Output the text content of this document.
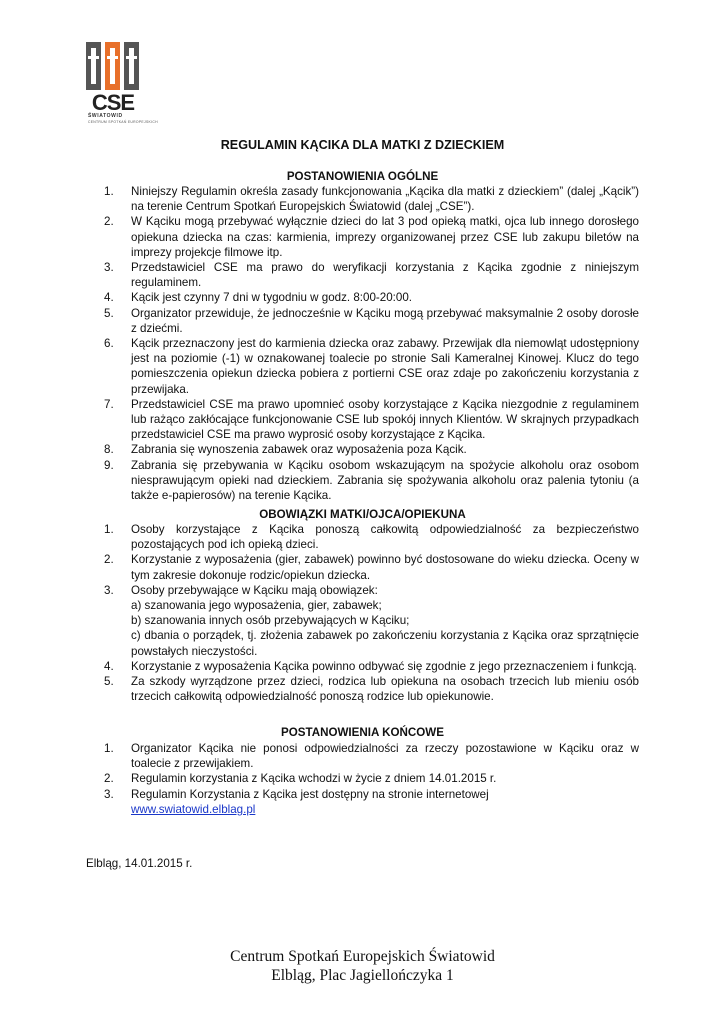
CSE
ŚWIATOWID
CENTRUM SPOTKAŃ EUROPEJSKICH
REGULAMIN KĄCIKA DLA MATKI Z DZIECKIEM
POSTANOWIENIA OGÓLNE
1. Niniejszy Regulamin określa zasady funkcjonowania „Kącika dla matki z dzieckiem” (dalej „Kącik”) na terenie Centrum Spotkań Europejskich Światowid (dalej „CSE”).
2. W Kąciku mogą przebywać wyłącznie dzieci do lat 3 pod opieką matki, ojca lub innego dorosłego opiekuna dziecka na czas: karmienia, imprezy organizowanej przez CSE lub zakupu biletów na imprezy projekcje filmowe itp.
3. Przedstawiciel CSE ma prawo do weryfikacji korzystania z Kącika zgodnie z niniejszym regulaminem.
4. Kącik jest czynny 7 dni w tygodniu w godz. 8:00-20:00.
5. Organizator przewiduje, że jednocześnie w Kąciku mogą przebywać maksymalnie 2 osoby dorosłe z dziećmi.
6. Kącik przeznaczony jest do karmienia dziecka oraz zabawy. Przewijak dla niemowląt udostępniony jest na poziomie (-1) w oznakowanej toalecie po stronie Sali Kameralnej Kinowej. Klucz do tego pomieszczenia opiekun dziecka pobiera z portierni CSE oraz zdaje po zakończeniu korzystania z przewijaka.
7. Przedstawiciel CSE ma prawo upomnieć osoby korzystające z Kącika niezgodnie z regulaminem lub rażąco zakłócające funkcjonowanie CSE lub spokój innych Klientów. W skrajnych przypadkach przedstawiciel CSE ma prawo wyprosić osoby korzystające z Kącika.
8. Zabrania się wynoszenia zabawek oraz wyposażenia poza Kącik.
9. Zabrania się przebywania w Kąciku osobom wskazującym na spożycie alkoholu oraz osobom niesprawującym opieki nad dzieckiem. Zabrania się spożywania alkoholu oraz palenia tytoniu (a także e-papierosów) na terenie Kącika.
OBOWIĄZKI MATKI/OJCA/OPIEKUNA
1. Osoby korzystające z Kącika ponoszą całkowitą odpowiedzialność za bezpieczeństwo pozostających pod ich opieką dzieci.
2. Korzystanie z wyposażenia (gier, zabawek) powinno być dostosowane do wieku dziecka. Oceny w tym zakresie dokonuje rodzic/opiekun dziecka.
3. Osoby przebywające w Kąciku mają obowiązek:
a) szanowania jego wyposażenia, gier, zabawek;
b) szanowania innych osób przebywających w Kąciku;
c) dbania o porządek, tj. złożenia zabawek po zakończeniu korzystania z Kącika oraz sprzątnięcie powstałych nieczystości.
4. Korzystanie z wyposażenia Kącika powinno odbywać się zgodnie z jego przeznaczeniem i funkcją.
5. Za szkody wyrządzone przez dzieci, rodzica lub opiekuna na osobach trzecich lub mieniu osób trzecich całkowitą odpowiedzialność ponoszą rodzice lub opiekunowie.
POSTANOWIENIA KOŃCOWE
1. Organizator Kącika nie ponosi odpowiedzialności za rzeczy pozostawione w Kąciku oraz w toalecie z przewijakiem.
2. Regulamin korzystania z Kącika wchodzi w życie z dniem 14.01.2015 r.
3. Regulamin Korzystania z Kącika jest dostępny na stronie internetowej
www.swiatowid.elblag.pl
Elbląg, 14.01.2015 r.
Centrum Spotkań Europejskich Światowid
Elbląg, Plac Jagiellończyka 1
